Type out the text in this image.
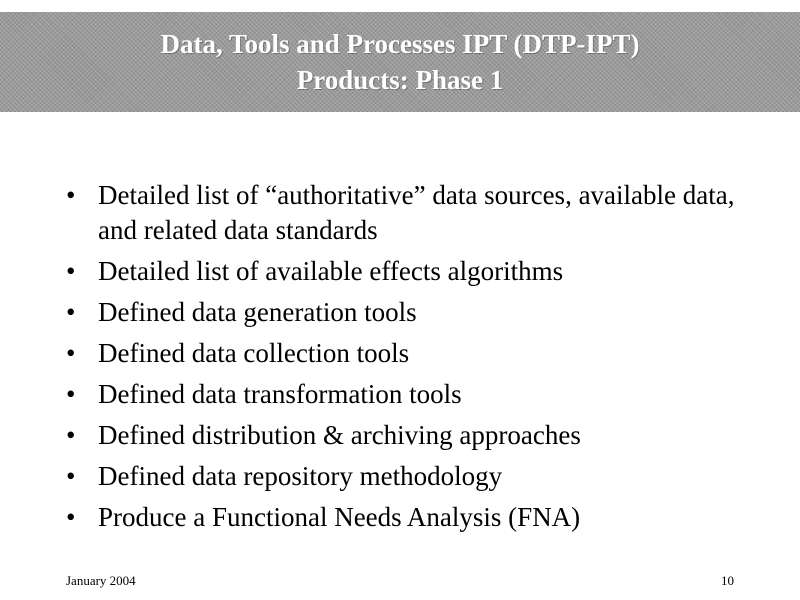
Data, Tools and Processes IPT (DTP-IPT)
Products: Phase 1
• Detailed list of “authoritative” data sources, available data, and related data standards
• Detailed list of available effects algorithms
• Defined data generation tools
• Defined data collection tools
• Defined data transformation tools
• Defined distribution & archiving approaches
• Defined data repository methodology
• Produce a Functional Needs Analysis (FNA)
January 2004	10
